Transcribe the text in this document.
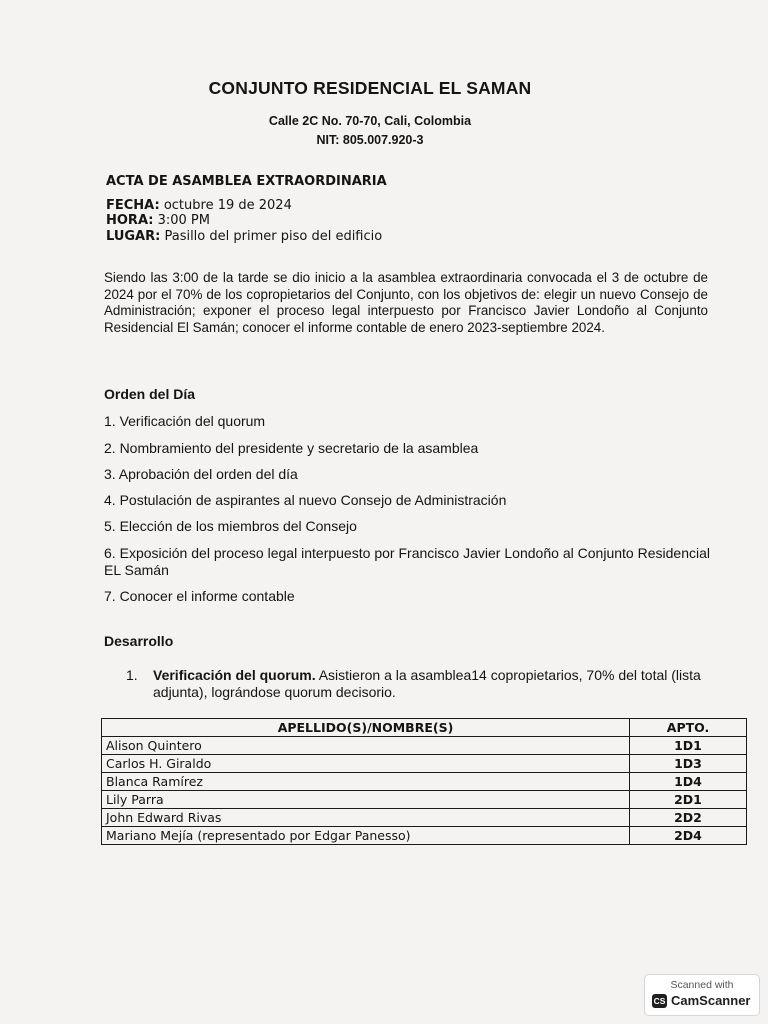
CONJUNTO RESIDENCIAL EL SAMAN
Calle 2C No. 70-70, Cali, Colombia
NIT: 805.007.920-3
ACTA DE ASAMBLEA EXTRAORDINARIA
FECHA: octubre 19 de 2024
HORA: 3:00 PM
LUGAR: Pasillo del primer piso del edificio
Siendo las 3:00 de la tarde se dio inicio a la asamblea extraordinaria convocada el 3 de octubre de 2024 por el 70% de los copropietarios del Conjunto, con los objetivos de: elegir un nuevo Consejo de Administración; exponer el proceso legal interpuesto por Francisco Javier Londoño al Conjunto Residencial El Samán; conocer el informe contable de enero 2023-septiembre 2024.
Orden del Día
1. Verificación del quorum
2. Nombramiento del presidente y secretario de la asamblea
3. Aprobación del orden del día
4. Postulación de aspirantes al nuevo Consejo de Administración
5. Elección de los miembros del Consejo
6. Exposición del proceso legal interpuesto por Francisco Javier Londoño al Conjunto Residencial EL Samán
7. Conocer el informe contable
Desarrollo
1. Verificación del quorum. Asistieron a la asamblea14 copropietarios, 70% del total (lista adjunta), lográndose quorum decisorio.
APELLIDO(S)/NOMBRE(S)	APTO.
Alison Quintero	1D1
Carlos H. Giraldo	1D3
Blanca Ramírez	1D4
Lily Parra	2D1
John Edward Rivas	2D2
Mariano Mejía (representado por Edgar Panesso)	2D4
Scanned with
CS CamScanner
